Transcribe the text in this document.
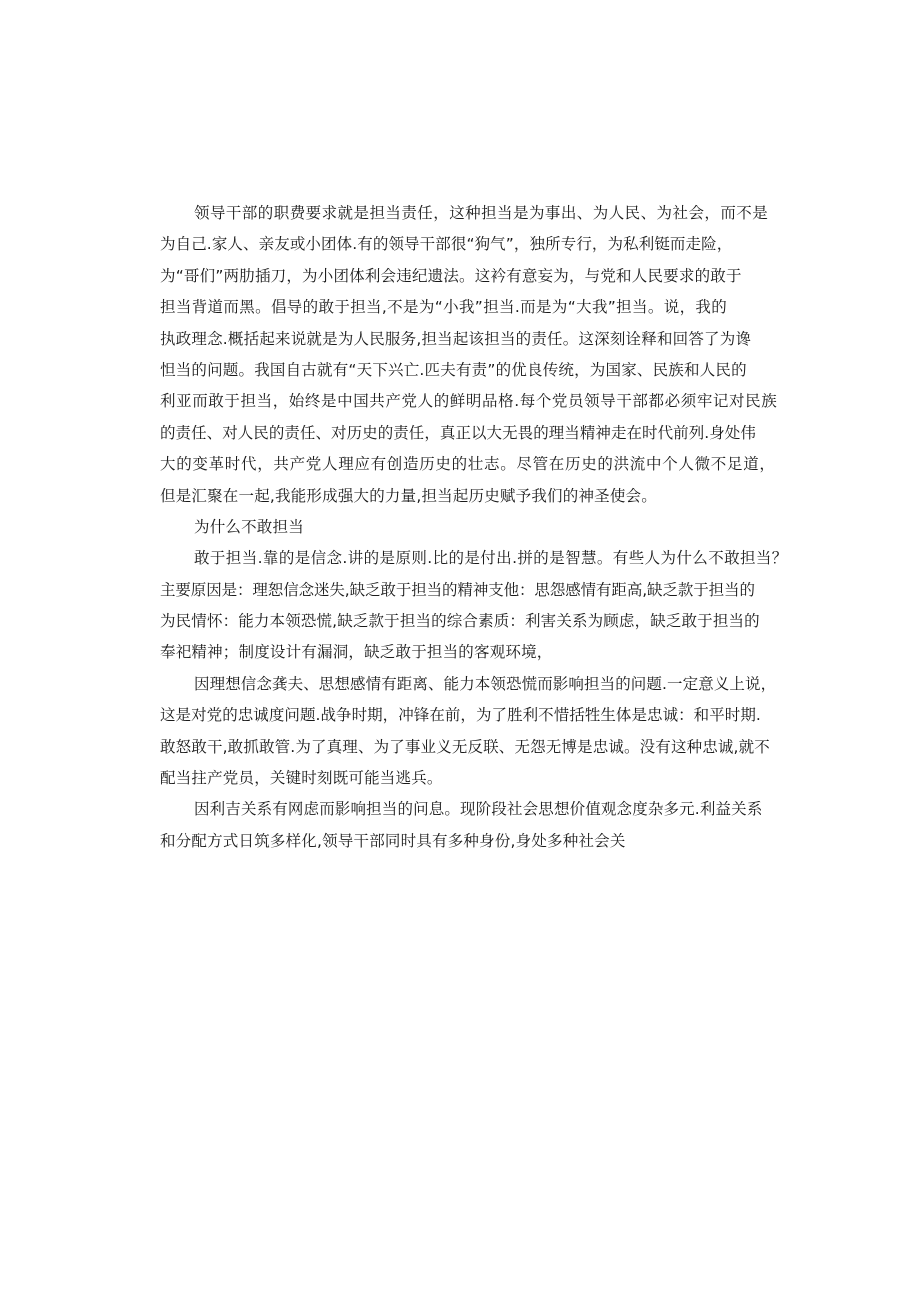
领导干部的职费要求就是担当责任，这种担当是为事出、为人民、为社会，而不是
为自己.家人、亲友或小团体.有的领导干部很“狗气”，独所专行，为私利铤而走险，
为“哥们”两肋插刀，为小团体利会违纪遗法。这衿有意妄为，与党和人民要求的敢于
担当背道而黑。倡导的敢于担当,不是为“小我”担当.而是为“大我”担当。说，我的
执政理念.概括起来说就是为人民服务,担当起该担当的责任。这深刻诠释和回答了为谗
怛当的问题。我国自古就有“天下兴亡.匹夫有责”的优良传统，为国家、民族和人民的
利亚而敢于担当，始终是中国共产党人的鲜明品格.每个党员领导干部都必须牢记对民族
的责任、对人民的责任、对历史的责任，真正以大无畏的理当精神走在时代前列.身处伟
大的变革时代，共产党人理应有创造历史的壮志。尽管在历史的洪流中个人微不足道，
但是汇聚在一起,我能形成强大的力量,担当起历史赋予我们的神圣使会。
为什么不敢担当
敢于担当.靠的是信念.讲的是原则.比的是付出.拼的是智慧。有些人为什么不敢担当？
主要原因是：理恕信念迷失,缺乏敢于担当的精神支他：思怨感情有距高,缺乏款于担当的
为民情怀：能力本领恐慌,缺乏款于担当的综合素质：利害关系为顾虑，缺乏敢于担当的
奉祀精神；制度设计有漏洞，缺乏敢于担当的客观环境，
因理想信念龚夫、思想感情有距离、能力本领恐慌而影响担当的问题.一定意义上说，
这是对党的忠诚度问题.战争时期，冲锋在前，为了胜利不惜括牲生体是忠诚：和平时期.
敢怒敢干,敢抓敢管.为了真理、为了事业义无反联、无怨无博是忠诚。没有这种忠诚,就不
配当拄产党员，关键时刻既可能当逃兵。
因利吉关系有网虑而影响担当的问息。现阶段社会思想价值观念度杂多元.利益关系
和分配方式日筑多样化,领导干部同时具有多种身份,身处多种社会关
